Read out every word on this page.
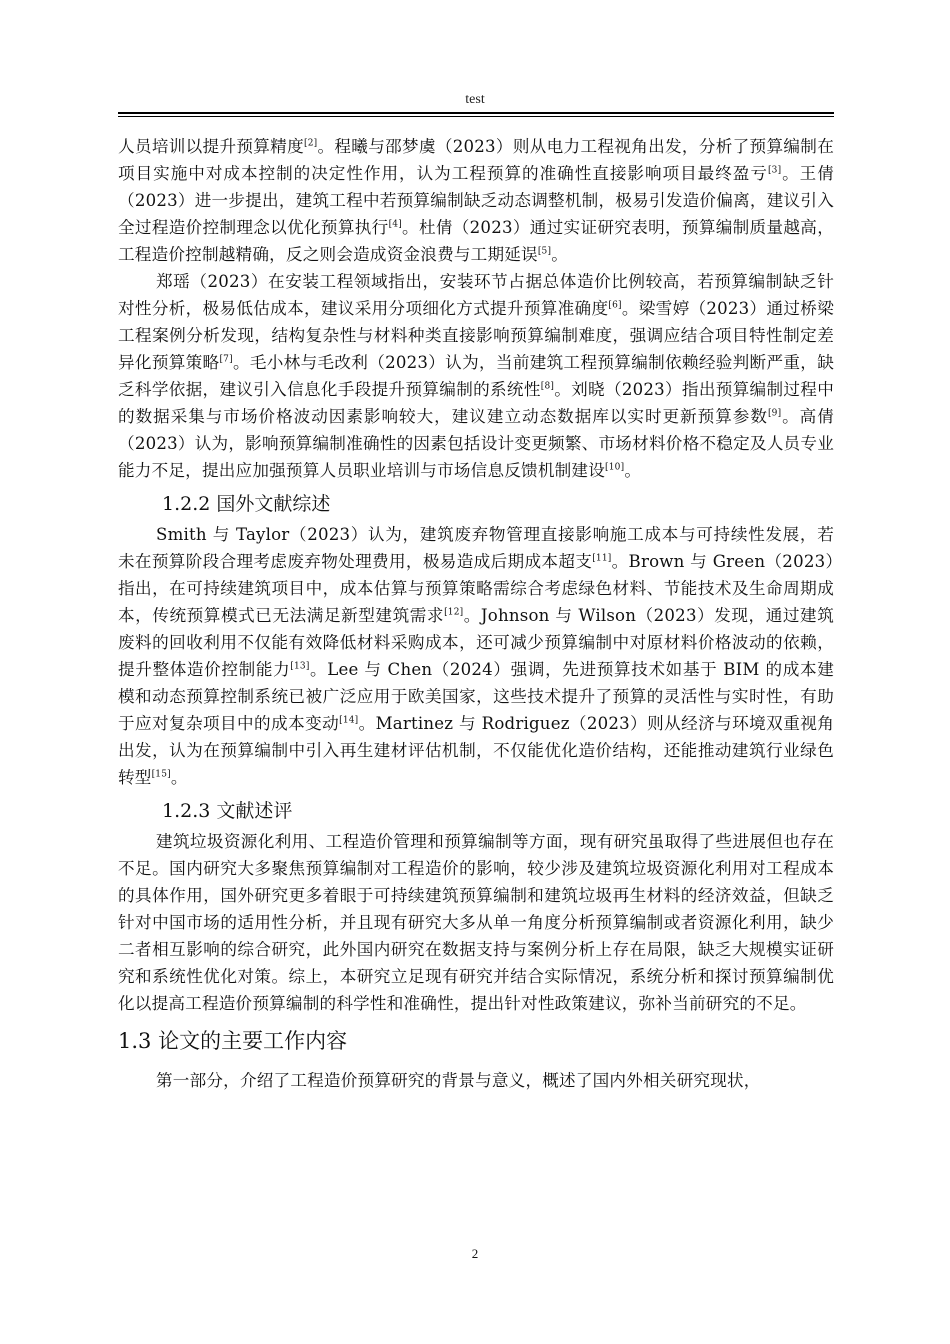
test

人员培训以提升预算精度[2]。程曦与邵梦虞（2023）则从电力工程视角出发，分析了预算编制在项目实施中对成本控制的决定性作用，认为工程预算的准确性直接影响项目最终盈亏[3]。王倩（2023）进一步提出，建筑工程中若预算编制缺乏动态调整机制，极易引发造价偏离，建议引入全过程造价控制理念以优化预算执行[4]。杜倩（2023）通过实证研究表明，预算编制质量越高，工程造价控制越精确，反之则会造成资金浪费与工期延误[5]。

郑瑶（2023）在安装工程领域指出，安装环节占据总体造价比例较高，若预算编制缺乏针对性分析，极易低估成本，建议采用分项细化方式提升预算准确度[6]。梁雪婷（2023）通过桥梁工程案例分析发现，结构复杂性与材料种类直接影响预算编制难度，强调应结合项目特性制定差异化预算策略[7]。毛小林与毛改利（2023）认为，当前建筑工程预算编制依赖经验判断严重，缺乏科学依据，建议引入信息化手段提升预算编制的系统性[8]。刘晓（2023）指出预算编制过程中的数据采集与市场价格波动因素影响较大，建议建立动态数据库以实时更新预算参数[9]。高倩（2023）认为，影响预算编制准确性的因素包括设计变更频繁、市场材料价格不稳定及人员专业能力不足，提出应加强预算人员职业培训与市场信息反馈机制建设[10]。

1.2.2 国外文献综述

Smith 与 Taylor（2023）认为，建筑废弃物管理直接影响施工成本与可持续性发展，若未在预算阶段合理考虑废弃物处理费用，极易造成后期成本超支[11]。Brown 与 Green（2023）指出，在可持续建筑项目中，成本估算与预算策略需综合考虑绿色材料、节能技术及生命周期成本，传统预算模式已无法满足新型建筑需求[12]。Johnson 与 Wilson（2023）发现，通过建筑废料的回收利用不仅能有效降低材料采购成本，还可减少预算编制中对原材料价格波动的依赖，提升整体造价控制能力[13]。Lee 与 Chen（2024）强调，先进预算技术如基于 BIM 的成本建模和动态预算控制系统已被广泛应用于欧美国家，这些技术提升了预算的灵活性与实时性，有助于应对复杂项目中的成本变动[14]。Martinez 与 Rodriguez（2023）则从经济与环境双重视角出发，认为在预算编制中引入再生建材评估机制，不仅能优化造价结构，还能推动建筑行业绿色转型[15]。

1.2.3 文献述评

建筑垃圾资源化利用、工程造价管理和预算编制等方面，现有研究虽取得了些进展但也存在不足。国内研究大多聚焦预算编制对工程造价的影响，较少涉及建筑垃圾资源化利用对工程成本的具体作用，国外研究更多着眼于可持续建筑预算编制和建筑垃圾再生材料的经济效益，但缺乏针对中国市场的适用性分析，并且现有研究大多从单一角度分析预算编制或者资源化利用，缺少二者相互影响的综合研究，此外国内研究在数据支持与案例分析上存在局限，缺乏大规模实证研究和系统性优化对策。综上，本研究立足现有研究并结合实际情况，系统分析和探讨预算编制优化以提高工程造价预算编制的科学性和准确性，提出针对性政策建议，弥补当前研究的不足。

1.3 论文的主要工作内容

第一部分，介绍了工程造价预算研究的背景与意义，概述了国内外相关研究现状，

2
